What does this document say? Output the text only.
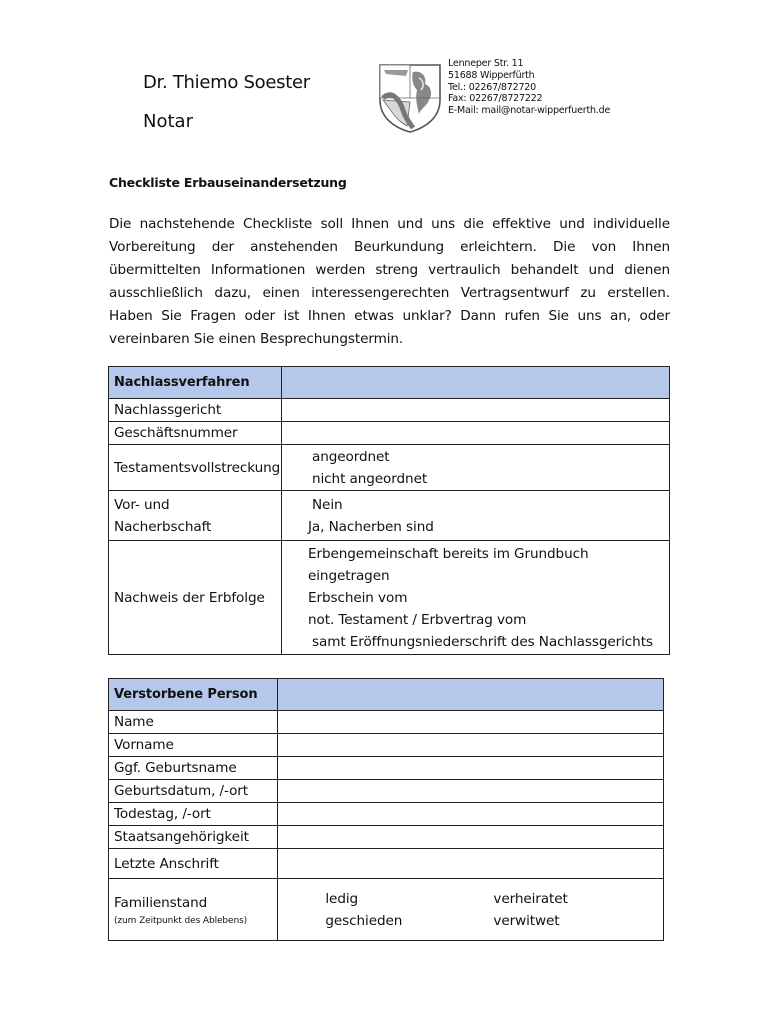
Dr. Thiemo Soester
Notar
Lenneper Str. 11
51688 Wipperfürth
Tel.: 02267/872720
Fax: 02267/8727222
E-Mail: mail@notar-wipperfuerth.de
Checkliste Erbauseinandersetzung
Die nachstehende Checkliste soll Ihnen und uns die effektive und individuelle Vorbereitung der anstehenden Beurkundung erleichtern. Die von Ihnen übermittelten Informationen werden streng vertraulich behandelt und dienen ausschließlich dazu, einen interessengerechten Vertragsentwurf zu erstellen. Haben Sie Fragen oder ist Ihnen etwas unklar? Dann rufen Sie uns an, oder vereinbaren Sie einen Besprechungstermin.
Nachlassverfahren	
Nachlassgericht	
Geschäftsnummer	
Testamentsvollstreckung	angeordnet
nicht angeordnet

Vor- und
Nacherbschaft	Nein
Ja, Nacherben sind

Nachweis der Erbfolge	Erbengemeinschaft bereits im Grundbuch
eingetragen
Erbschein vom
not. Testament / Erbvertrag vom
samt Eröffnungsniederschrift des Nachlassgerichts
Verstorbene Person	
Name	
Vorname	
Ggf. Geburtsname	
Geburtsdatum, /-ort	
Todestag, /-ort	
Staatsangehörigkeit	
Letzte Anschrift	

Familienstand
(zum Zeitpunkt des Ablebens)	ledig verheiratet
geschieden verwitwet
